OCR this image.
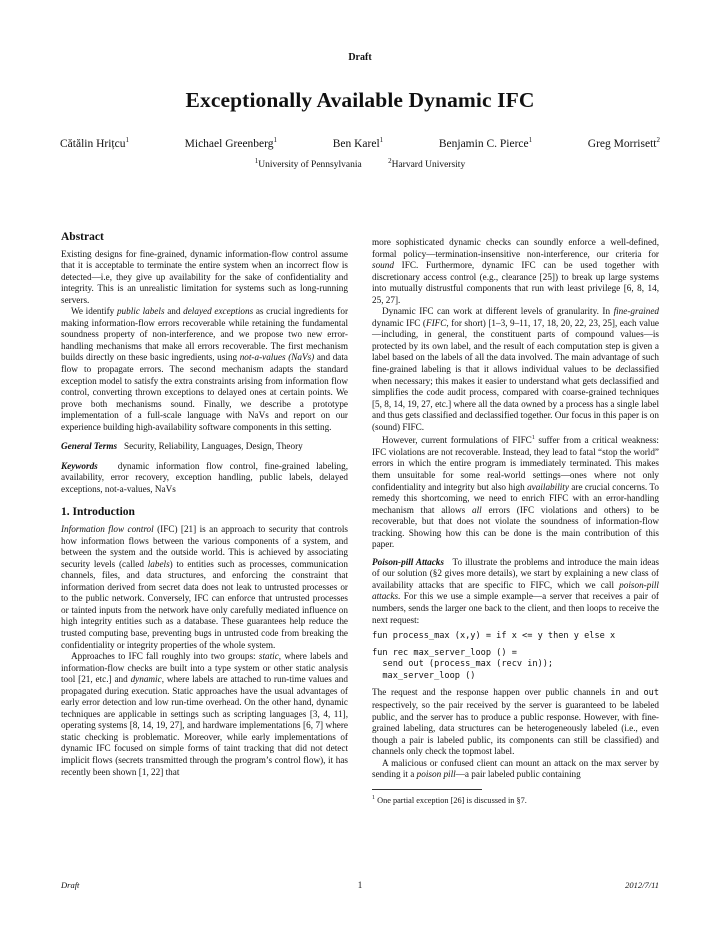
Draft
Exceptionally Available Dynamic IFC
Cătălin Hrițcu$^1$	Michael Greenberg$^1$	Ben Karel$^1$	Benjamin C. Pierce$^1$	Greg Morrisett$^2$
$^1$University of Pennsylvania	$^2$Harvard University
Abstract

Existing designs for fine-grained, dynamic information-flow control assume that it is acceptable to terminate the entire system when an incorrect flow is detected—i.e, they give up availability for the sake of confidentiality and integrity. This is an unrealistic limitation for systems such as long-running servers.

We identify public labels and delayed exceptions as crucial ingredients for making information-flow errors recoverable while retaining the fundamental soundness property of non-interference, and we propose two new error-handling mechanisms that make all errors recoverable. The first mechanism builds directly on these basic ingredients, using not-a-values (NaVs) and data flow to propagate errors. The second mechanism adapts the standard exception model to satisfy the extra constraints arising from information flow control, converting thrown exceptions to delayed ones at certain points. We prove both mechanisms sound. Finally, we describe a prototype implementation of a full-scale language with NaVs and report on our experience building high-availability software components in this setting.

General Terms Security, Reliability, Languages, Design, Theory

Keywords dynamic information flow control, fine-grained labeling, availability, error recovery, exception handling, public labels, delayed exceptions, not-a-values, NaVs

1. Introduction

Information flow control (IFC) [21] is an approach to security that controls how information flows between the various components of a system, and between the system and the outside world. This is achieved by associating security levels (called labels) to entities such as processes, communication channels, files, and data structures, and enforcing the constraint that information derived from secret data does not leak to untrusted processes or to the public network. Conversely, IFC can enforce that untrusted processes or tainted inputs from the network have only carefully mediated influence on high integrity entities such as a database. These guarantees help reduce the trusted computing base, preventing bugs in untrusted code from breaking the confidentiality or integrity properties of the whole system.

Approaches to IFC fall roughly into two groups: static, where labels and information-flow checks are built into a type system or other static analysis tool [21, etc.] and dynamic, where labels are attached to run-time values and propagated during execution. Static approaches have the usual advantages of early error detection and low run-time overhead. On the other hand, dynamic techniques are applicable in settings such as scripting languages [3, 4, 11], operating systems [8, 14, 19, 27], and hardware implementations [6, 7] where static checking is problematic. Moreover, while early implementations of dynamic IFC focused on simple forms of taint tracking that did not detect implicit flows (secrets transmitted through the program’s control flow), it has recently been shown [1, 22] that

more sophisticated dynamic checks can soundly enforce a well-defined, formal policy—termination-insensitive non-interference, our criteria for sound IFC. Furthermore, dynamic IFC can be used together with discretionary access control (e.g., clearance [25]) to break up large systems into mutually distrustful components that run with least privilege [6, 8, 14, 25, 27].

Dynamic IFC can work at different levels of granularity. In fine-grained dynamic IFC (FIFC, for short) [1–3, 9–11, 17, 18, 20, 22, 23, 25], each value—including, in general, the constituent parts of compound values—is protected by its own label, and the result of each computation step is given a label based on the labels of all the data involved. The main advantage of such fine-grained labeling is that it allows individual values to be declassified when necessary; this makes it easier to understand what gets declassified and simplifies the code audit process, compared with coarse-grained techniques [5, 8, 14, 19, 27, etc.] where all the data owned by a process has a single label and thus gets classified and declassified together. Our focus in this paper is on (sound) FIFC.

However, current formulations of FIFC$^1$ suffer from a critical weakness: IFC violations are not recoverable. Instead, they lead to fatal “stop the world” errors in which the entire program is immediately terminated. This makes them unsuitable for some real-world settings—ones where not only confidentiality and integrity but also high availability are crucial concerns. To remedy this shortcoming, we need to enrich FIFC with an error-handling mechanism that allows all errors (IFC violations and others) to be recoverable, but that does not violate the soundness of information-flow tracking. Showing how this can be done is the main contribution of this paper.

Poison-pill Attacks To illustrate the problems and introduce the main ideas of our solution (§2 gives more details), we start by explaining a new class of availability attacks that are specific to FIFC, which we call poison-pill attacks. For this we use a simple example—a server that receives a pair of numbers, sends the larger one back to the client, and then loops to receive the next request:

fun process_max (x,y) = if x <= y then y else x
fun rec max_server_loop () =
send out (process_max (recv in));
max_server_loop ()

The request and the response happen over public channels in and out respectively, so the pair received by the server is guaranteed to be labeled public, and the server has to produce a public response. However, with fine-grained labeling, data structures can be heterogeneously labeled (i.e., even though a pair is labeled public, its components can still be classified) and channels only check the topmost label.

A malicious or confused client can mount an attack on the max server by sending it a poison pill—a pair labeled public containing

$^1$ One partial exception [26] is discussed in §7.
Draft	1	2012/7/11
